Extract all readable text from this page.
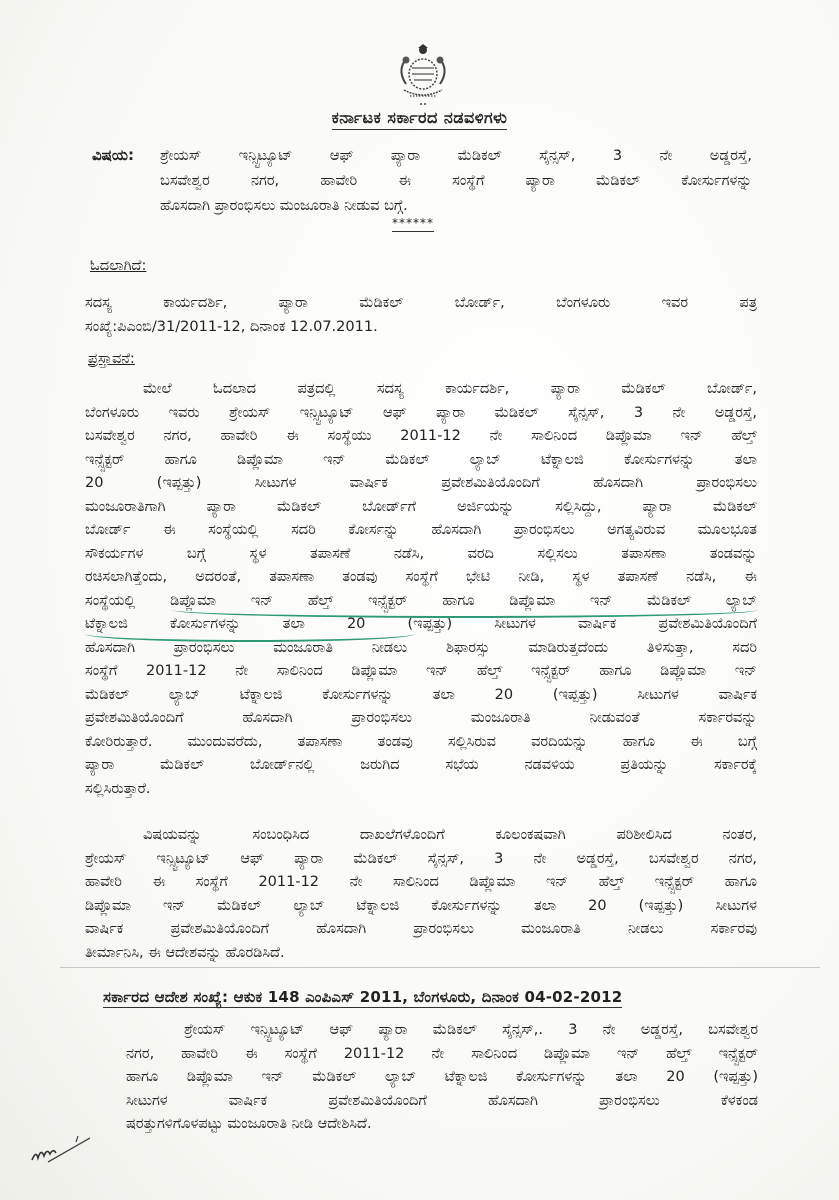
ಕರ್ನಾಟಕ ಸರ್ಕಾರದ ನಡವಳಿಗಳು
ವಿಷಯ: ಶ್ರೇಯಸ್ ಇನ್ಸ್ಟಿಟ್ಯೂಟ್ ಆಫ್ ಪ್ಯಾರಾ ಮೆಡಿಕಲ್ ಸೈನ್ಸಸ್, 3 ನೇ ಅಡ್ಡರಸ್ತೆ,
ಬಸವೇಶ್ವರ ನಗರ, ಹಾವೇರಿ ಈ ಸಂಸ್ಥೆಗೆ ಪ್ಯಾರಾ ಮೆಡಿಕಲ್ ಕೋರ್ಸುಗಳನ್ನು
ಹೊಸದಾಗಿ ಪ್ರಾರಂಭಿಸಲು ಮಂಜೂರಾತಿ ನೀಡುವ ಬಗ್ಗೆ.
******
ಓದಲಾಗಿದೆ:
ಸದಸ್ಯ ಕಾರ್ಯದರ್ಶಿ, ಪ್ಯಾರಾ ಮೆಡಿಕಲ್ ಬೋರ್ಡ್, ಬೆಂಗಳೂರು ಇವರ ಪತ್ರ
ಸಂಖ್ಯೆ:ಪಿಎಂಬಿ/31/2011-12, ದಿನಾಂಕ 12.07.2011.
ಪ್ರಸ್ತಾವನೆ:
ಮೇಲೆ ಓದಲಾದ ಪತ್ರದಲ್ಲಿ ಸದಸ್ಯ ಕಾರ್ಯದರ್ಶಿ, ಪ್ಯಾರಾ ಮೆಡಿಕಲ್ ಬೋರ್ಡ್,
ಬೆಂಗಳೂರು ಇವರು ಶ್ರೇಯಸ್ ಇನ್ಸ್ಟಿಟ್ಯೂಟ್ ಆಫ್ ಪ್ಯಾರಾ ಮೆಡಿಕಲ್ ಸೈನ್ಸಸ್, 3 ನೇ ಅಡ್ಡರಸ್ತೆ,
ಬಸವೇಶ್ವರ ನಗರ, ಹಾವೇರಿ ಈ ಸಂಸ್ಥೆಯು 2011-12 ನೇ ಸಾಲಿನಿಂದ ಡಿಪ್ಲೊಮಾ ಇನ್ ಹೆಲ್ತ್
ಇನ್ಸ್ಪೆಕ್ಟರ್ ಹಾಗೂ ಡಿಪ್ಲೊಮಾ ಇನ್ ಮೆಡಿಕಲ್ ಲ್ಯಾಬ್ ಟೆಕ್ನಾಲಜಿ ಕೋರ್ಸುಗಳನ್ನು ತಲಾ
20 (ಇಪ್ಪತ್ತು) ಸೀಟುಗಳ ವಾರ್ಷಿಕ ಪ್ರವೇಶಮಿತಿಯೊಂದಿಗೆ ಹೊಸದಾಗಿ ಪ್ರಾರಂಭಿಸಲು
ಮಂಜೂರಾತಿಗಾಗಿ ಪ್ಯಾರಾ ಮೆಡಿಕಲ್ ಬೋರ್ಡ್‌ಗೆ ಅರ್ಜಿಯನ್ನು ಸಲ್ಲಿಸಿದ್ದು, ಪ್ಯಾರಾ ಮೆಡಿಕಲ್
ಬೋರ್ಡ್ ಈ ಸಂಸ್ಥೆಯಲ್ಲಿ ಸದರಿ ಕೋರ್ಸನ್ನು ಹೊಸದಾಗಿ ಪ್ರಾರಂಭಿಸಲು ಅಗತ್ಯವಿರುವ ಮೂಲಭೂತ
ಸೌಕರ್ಯಗಳ ಬಗ್ಗೆ ಸ್ಥಳ ತಪಾಸಣೆ ನಡೆಸಿ, ವರದಿ ಸಲ್ಲಿಸಲು ತಪಾಸಣಾ ತಂಡವನ್ನು
ರಚಿಸಲಾಗಿತ್ತೆಂದು, ಅದರಂತೆ, ತಪಾಸಣಾ ತಂಡವು ಸಂಸ್ಥೆಗೆ ಭೇಟಿ ನೀಡಿ, ಸ್ಥಳ ತಪಾಸಣೆ ನಡೆಸಿ, ಈ
ಸಂಸ್ಥೆಯಲ್ಲಿ ಡಿಪ್ಲೊಮಾ ಇನ್ ಹೆಲ್ತ್ ಇನ್ಸ್ಪೆಕ್ಟರ್ ಹಾಗೂ ಡಿಪ್ಲೊಮಾ ಇನ್ ಮೆಡಿಕಲ್ ಲ್ಯಾಬ್
ಟೆಕ್ನಾಲಜಿ ಕೋರ್ಸುಗಳನ್ನು ತಲಾ 20 (ಇಪ್ಪತ್ತು) ಸೀಟುಗಳ ವಾರ್ಷಿಕ ಪ್ರವೇಶಮಿತಿಯೊಂದಿಗೆ
ಹೊಸದಾಗಿ ಪ್ರಾರಂಭಿಸಲು ಮಂಜೂರಾತಿ ನೀಡಲು ಶಿಫಾರಸ್ಸು ಮಾಡಿರುತ್ತದೆಂದು ತಿಳಿಸುತ್ತಾ, ಸದರಿ
ಸಂಸ್ಥೆಗೆ 2011-12 ನೇ ಸಾಲಿನಿಂದ ಡಿಪ್ಲೊಮಾ ಇನ್ ಹೆಲ್ತ್ ಇನ್ಸ್ಪೆಕ್ಟರ್ ಹಾಗೂ ಡಿಪ್ಲೊಮಾ ಇನ್
ಮೆಡಿಕಲ್ ಲ್ಯಾಬ್ ಟೆಕ್ನಾಲಜಿ ಕೋರ್ಸುಗಳನ್ನು ತಲಾ 20 (ಇಪ್ಪತ್ತು) ಸೀಟುಗಳ ವಾರ್ಷಿಕ
ಪ್ರವೇಶಮಿತಿಯೊಂದಿಗೆ ಹೊಸದಾಗಿ ಪ್ರಾರಂಭಿಸಲು ಮಂಜೂರಾತಿ ನೀಡುವಂತೆ ಸರ್ಕಾರವನ್ನು
ಕೋರಿರುತ್ತಾರೆ. ಮುಂದುವರೆದು, ತಪಾಸಣಾ ತಂಡವು ಸಲ್ಲಿಸಿರುವ ವರದಿಯನ್ನು ಹಾಗೂ ಈ ಬಗ್ಗೆ
ಪ್ಯಾರಾ ಮೆಡಿಕಲ್ ಬೋರ್ಡ್‌ನಲ್ಲಿ ಜರುಗಿದ ಸಭೆಯ ನಡವಳಿಯ ಪ್ರತಿಯನ್ನು ಸರ್ಕಾರಕ್ಕೆ
ಸಲ್ಲಿಸಿರುತ್ತಾರೆ.
ವಿಷಯವನ್ನು ಸಂಬಂಧಿಸಿದ ದಾಖಲೆಗಳೊಂದಿಗೆ ಕೂಲಂಕಷವಾಗಿ ಪರಿಶೀಲಿಸಿದ ನಂತರ,
ಶ್ರೇಯಸ್ ಇನ್ಸ್ಟಿಟ್ಯೂಟ್ ಆಫ್ ಪ್ಯಾರಾ ಮೆಡಿಕಲ್ ಸೈನ್ಸಸ್, 3 ನೇ ಅಡ್ಡರಸ್ತೆ, ಬಸವೇಶ್ವರ ನಗರ,
ಹಾವೇರಿ ಈ ಸಂಸ್ಥೆಗೆ 2011-12 ನೇ ಸಾಲಿನಿಂದ ಡಿಪ್ಲೊಮಾ ಇನ್ ಹೆಲ್ತ್ ಇನ್ಸ್ಪೆಕ್ಟರ್ ಹಾಗೂ
ಡಿಪ್ಲೊಮಾ ಇನ್ ಮೆಡಿಕಲ್ ಲ್ಯಾಬ್ ಟೆಕ್ನಾಲಜಿ ಕೋರ್ಸುಗಳನ್ನು ತಲಾ 20 (ಇಪ್ಪತ್ತು) ಸೀಟುಗಳ
ವಾರ್ಷಿಕ ಪ್ರವೇಶಮಿತಿಯೊಂದಿಗೆ ಹೊಸದಾಗಿ ಪ್ರಾರಂಭಿಸಲು ಮಂಜೂರಾತಿ ನೀಡಲು ಸರ್ಕಾರವು
ತೀರ್ಮಾನಿಸಿ, ಈ ಆದೇಶವನ್ನು ಹೊರಡಿಸಿದೆ.
ಸರ್ಕಾರದ ಆದೇಶ ಸಂಖ್ಯೆ: ಆಕುಕ 148 ಎಂಪಿಎಸ್ 2011, ಬೆಂಗಳೂರು, ದಿನಾಂಕ 04-02-2012
ಶ್ರೇಯಸ್ ಇನ್ಸ್ಟಿಟ್ಯೂಟ್ ಆಫ್ ಪ್ಯಾರಾ ಮೆಡಿಕಲ್ ಸೈನ್ಸಸ್,. 3 ನೇ ಅಡ್ಡರಸ್ತೆ, ಬಸವೇಶ್ವರ
ನಗರ, ಹಾವೇರಿ ಈ ಸಂಸ್ಥೆಗೆ 2011-12 ನೇ ಸಾಲಿನಿಂದ ಡಿಪ್ಲೊಮಾ ಇನ್ ಹೆಲ್ತ್ ಇನ್ಸ್ಪೆಕ್ಟರ್
ಹಾಗೂ ಡಿಪ್ಲೊಮಾ ಇನ್ ಮೆಡಿಕಲ್ ಲ್ಯಾಬ್ ಟೆಕ್ನಾಲಜಿ ಕೋರ್ಸುಗಳನ್ನು ತಲಾ 20 (ಇಪ್ಪತ್ತು)
ಸೀಟುಗಳ ವಾರ್ಷಿಕ ಪ್ರವೇಶಮಿತಿಯೊಂದಿಗೆ ಹೊಸದಾಗಿ ಪ್ರಾರಂಭಿಸಲು ಕೆಳಕಂಡ
ಷರತ್ತುಗಳಿಗೊಳಪಟ್ಟು ಮಂಜೂರಾತಿ ನೀಡಿ ಆದೇಶಿಸಿದೆ.
